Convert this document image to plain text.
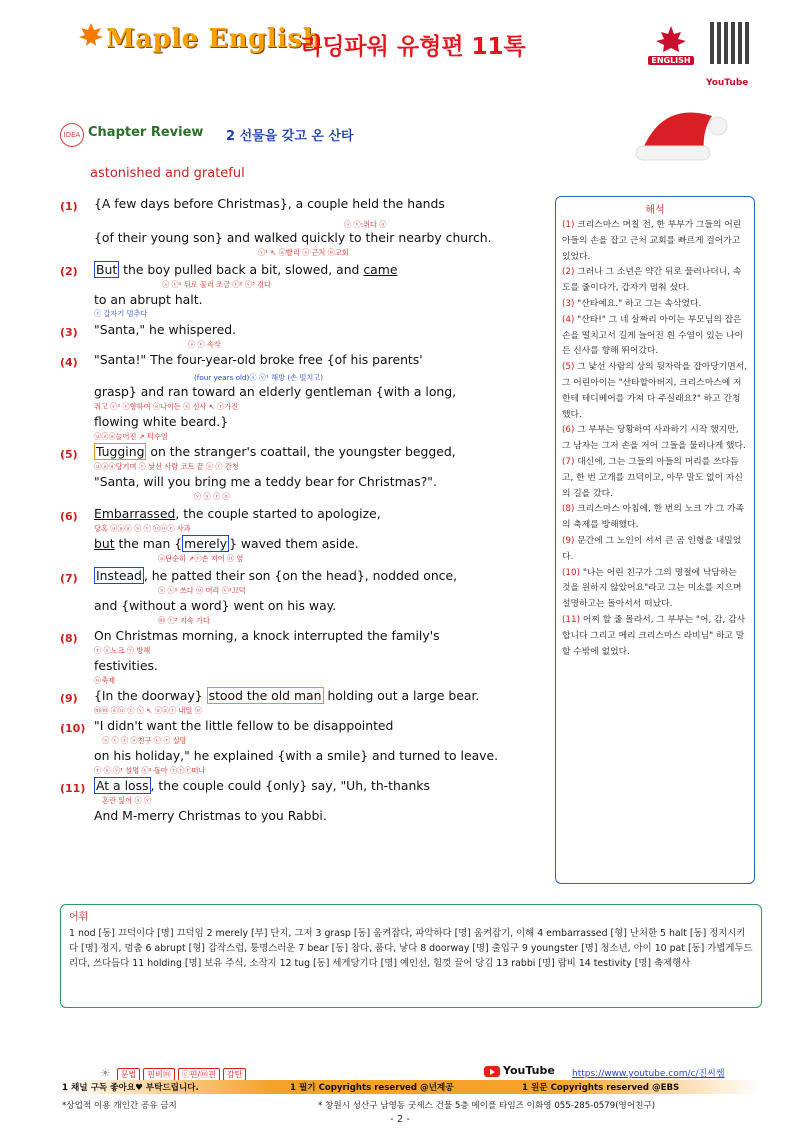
Maple English
리딩파워 유형편 11톡
ENGLISH
YouTube
IDEA Chapter Review 2 선물을 갖고 온 산타
astonished and grateful
(1) {A few days before Christmas}, a couple held the hands
ⓢ ⓥ:쥐다 ⓞ
{of their young son} and walked quickly to their nearby church.
ⓥ¹ ↖ ⓐ빨리 ⓢ 근처 ⓝ교회
(2) But the boy pulled back a bit, slowed, and came
ⓢ ⓥ¹ 뒤로 물러 조금 ⓥ² ⓥ³ 겪다
to an abrupt halt.
ⓡ 갑자기 멈추다
(3) "Santa," he whispered.
ⓢ ⓥ 속삭
(4) "Santa!" The four-year-old broke free {of his parents'
(four years old)ⓢ ⓥ¹ 해방 (손 떨치고)
grasp} and ran toward an elderly gentleman {with a long,
쥐고 ⓥ² ⓡ향하여 ⓐ나이든 ⓢ 신사 ↖ ⓡ가진
flowing white beard.}
ⓐⓐⓐ늘어진 ↗ 턱수염
(5) Tugging on the stranger's coattail, the youngster begged,
ⓐⓐⓐ당기며 ⓡ 낯선 사람 코트 끝 ⓢ ⓥ 간청
"Santa, will you bring me a teddy bear for Christmas?".
ⓥ ⓢ ⓡ ⓞ
(6) Embarrassed, the couple started to apologize,
당혹 ⓐⓐⓐ ⓢ ⓥ ⓞⓞⓡ 사과
but the man { merely } waved them aside.
ⓐ단순히 ↗ⓥ손 저어 ⓞ 옆
(7) Instead , he patted their son {on the head}, nodded once,
ⓢ ⓥ¹ 쓰다 ⓞ 머리 ⓥ²끄덕
and {without a word} went on his way.
ⓜ ⓥ³ 지속 가다
(8) On Christmas morning, a knock interrupted the family's
ⓡ ⓢ노크 ⓥ 방해
festivities.
ⓞ축제
(9) {In the doorway} stood the old man holding out a large bear.
ⓜⓜ ⓐⓐ ⓥ ⓢ ↖ ⓐⓐⓡ 내밀 ⓞ
(10) "I didn't want the little fellow to be disappointed
ⓢ ⓥ ⓡ ⓞ친구 ⓒ ⓡ 실망
on his holiday," he explained {with a smile} and turned to leave.
ⓡ ⓢ ⓥ¹ 설명 ⓥ² 돌아 ⓡⓡⓡ떠나
(11) At a loss , the couple could {only} say, "Uh, th-thanks
혼란 잃어 ⓢ ⓥ
And M-merry Christmas to you Rabbi.
해석
(1) 크리스마스 며칠 전, 한 부부가 그들의 어린 아들의 손을 잡고 근처 교회를 빠르게 걸어가고 있었다.
(2) 그러나 그 소년은 약간 뒤로 물러나더니, 속도를 줄이다가, 갑자기 멈춰 섰다.
(3) "산타예요." 하고 그는 속삭였다.
(4) "산타!" 그 네 살짜리 아이는 부모님의 잡은 손을 떨치고서 길게 늘어진 흰 수염이 있는 나이든 신사를 향해 뛰어갔다.
(5) 그 낯선 사람의 상의 뒷자락을 잡아당기면서, 그 어린아이는 "산타할아버지, 크리스마스에 저한테 테디베어를 가져 다 주실래요?" 하고 간청했다.
(6) 그 부부는 당황하여 사과하기 시작 했지만, 그 남자는 그저 손을 저어 그들을 물러나게 했다.
(7) 대신에, 그는 그들의 아들의 머리를 쓰다듬고, 한 번 고개를 끄덕이고, 아무 말도 없이 자신의 길을 갔다.
(8) 크리스마스 아침에, 한 번의 노크 가 그 가족의 축제를 방해했다.
(9) 문간에 그 노인이 서서 큰 곰 인형을 내밀었다.
(10) "나는 어린 친구가 그의 명절에 낙담하는 것을 원하지 않았어요"라고 그는 미소를 지으며 설명하고는 돌아서서 떠났다.
(11) 어찌 할 줄 몰라서, 그 부부는 "어, 감, 감사합니다 그리고 메리 크리스마스 라비님" 하고 말할 수밖에 없었다.
어휘
1 nod [동] 끄덕이다 [명] 끄덕임 2 merely [부] 단지, 그저 3 grasp [동] 움켜잡다, 파악하다 [명] 움켜잡기, 이해 4 embarrassed [형] 난처한 5 halt [동] 정지시키다 [명] 정지, 멈춤 6 abrupt [형] 갑작스럽, 퉁명스러운 7 bear [동] 참다, 품다, 낳다 8 doorway [명] 출입구 9 youngster [명] 청소년, 아이 10 pat [동] 가볍게두드리다, 쓰다듬다 11 holding [명] 보유 주식, 소작지 12 tug [동] 세게당기다 [명] 예인선, 힘껏 끌어 당김 13 rabbi [명] 랍비 14 testivity [명] 축제행사
☀ 문법 핀비ⓜ ⓒ핀/ⓜ핀 감탄	YouTube https://www.youtube.com/c/진씨쌤
1 채널 구독 좋아요♥ 부탁드립니다.	1 필기 Copyrights reserved @넌계공	1 원문 Copyrights reserved @EBS
*상업적 이용 개인간 공유 금지	* 창원시 성산구 남영동 굿세스 건물 5층 메이플 타임즈 이화영 055-285-0579(영어친구)
- 2 -
